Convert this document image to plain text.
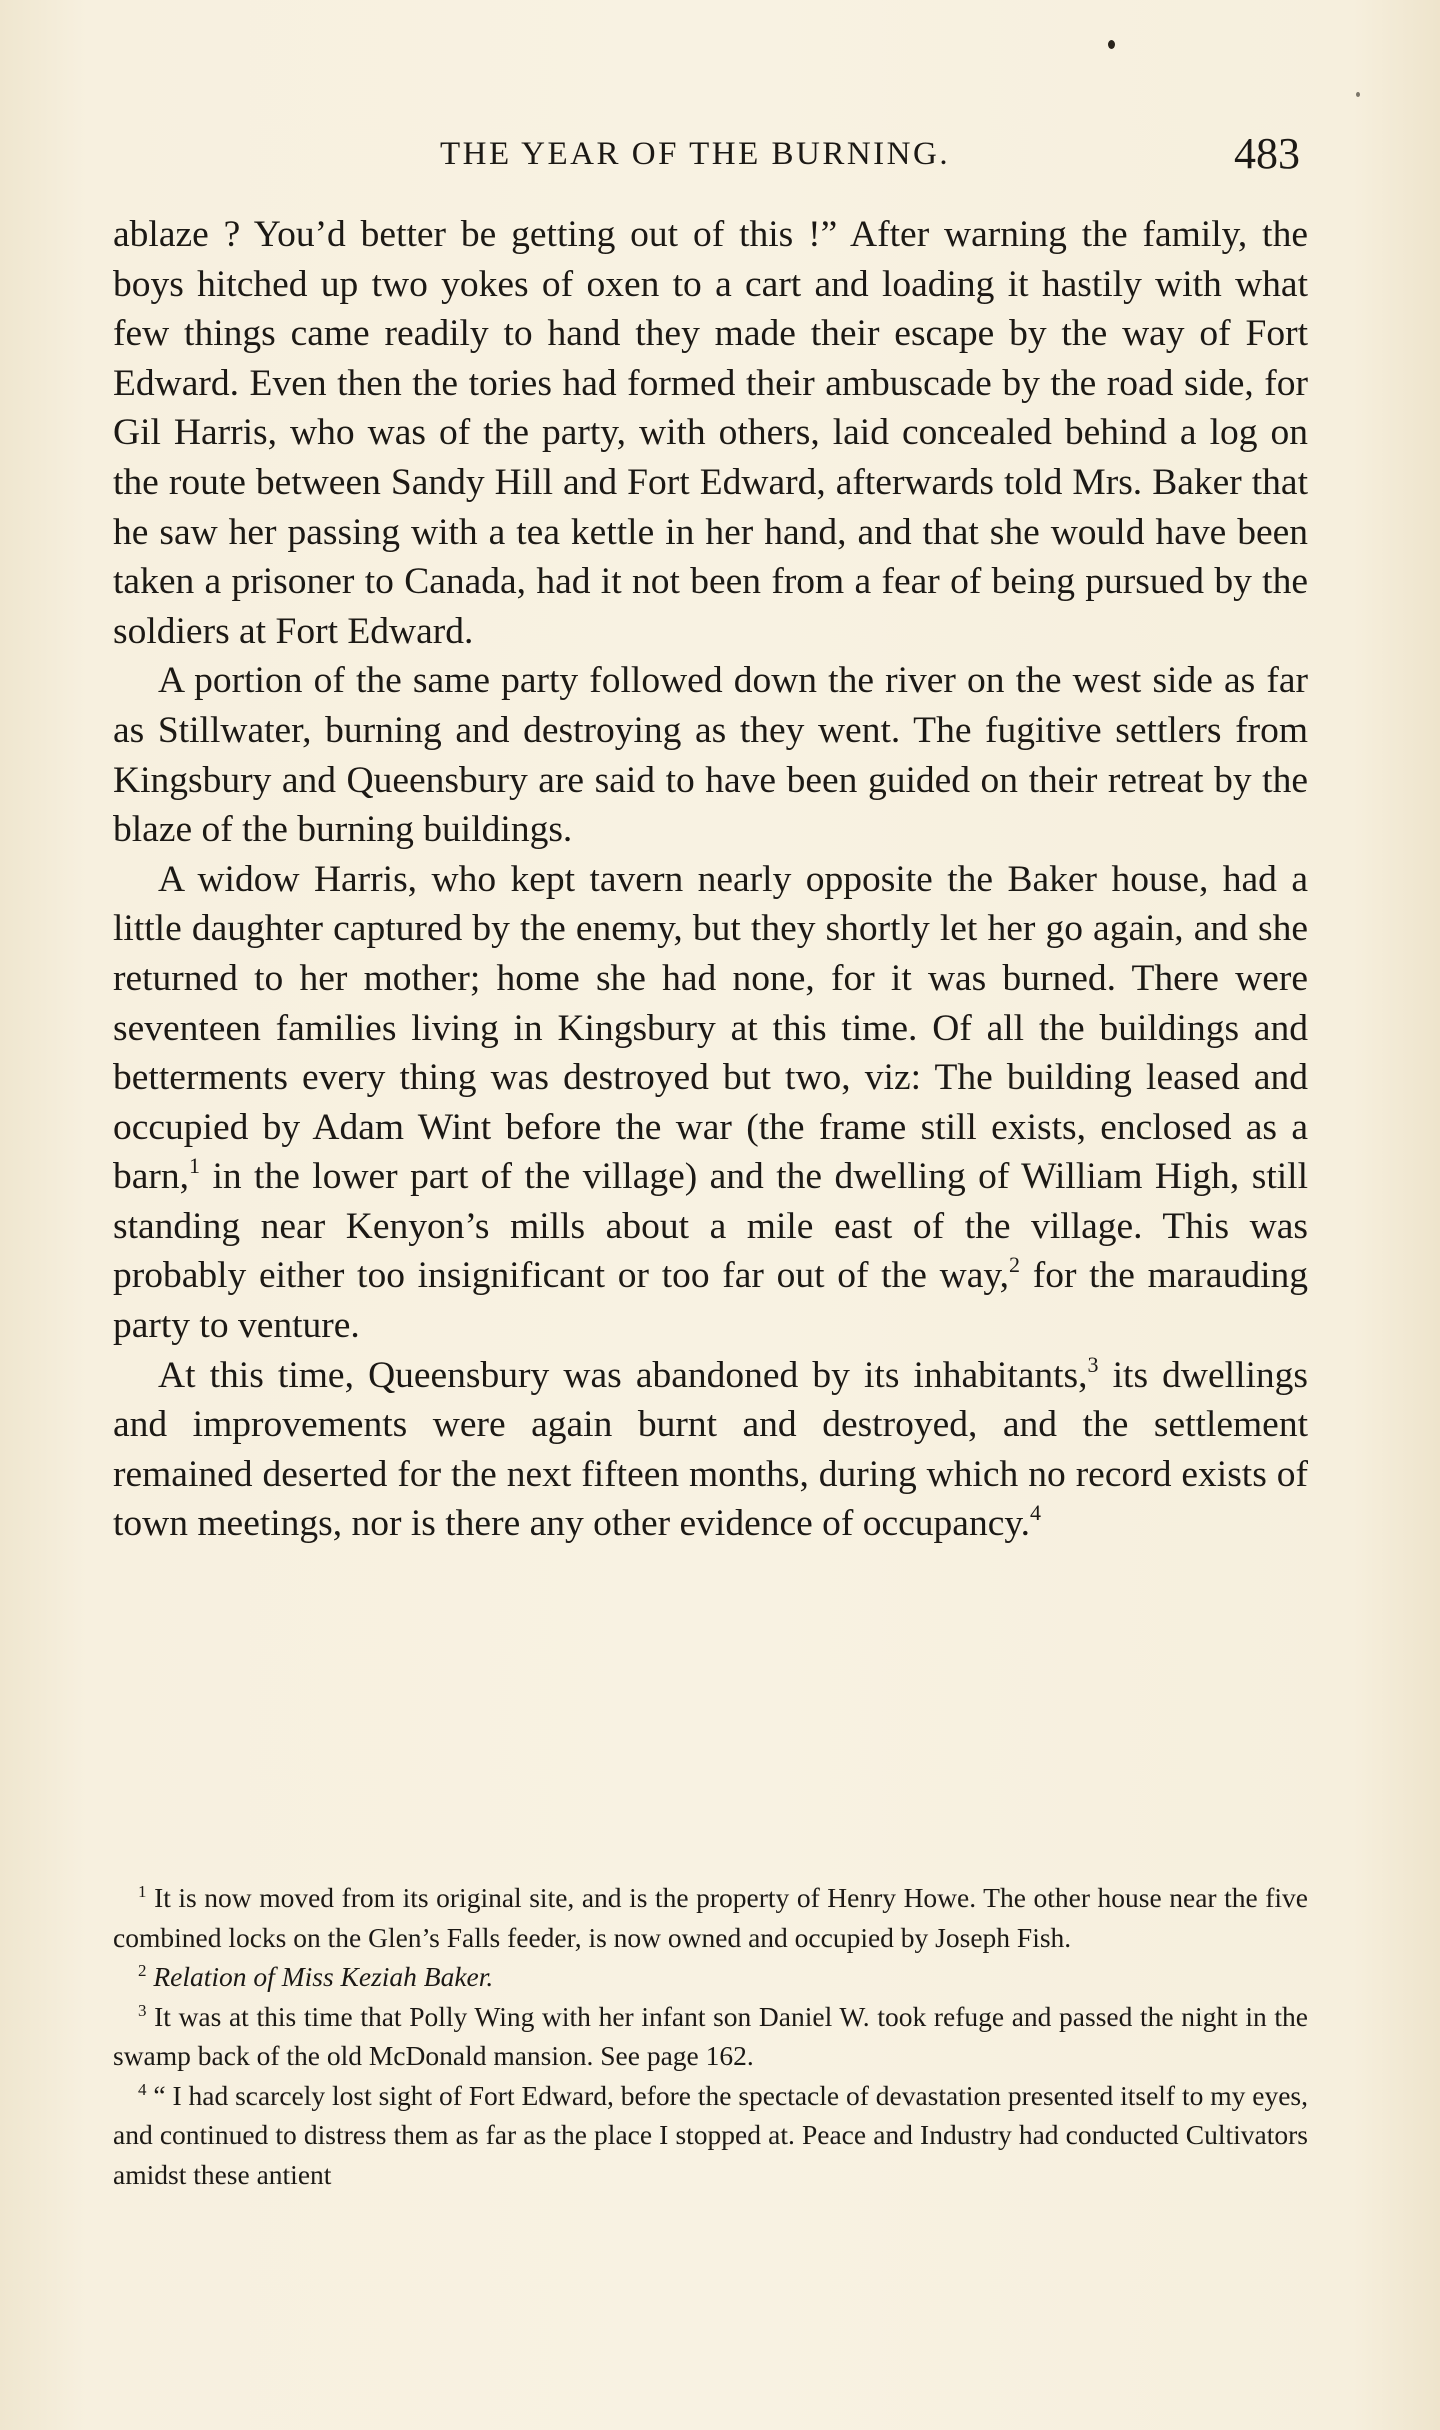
THE YEAR OF THE BURNING.	483

ablaze ? You’d better be getting out of this !” After warning the family, the boys hitched up two yokes of oxen to a cart and loading it hastily with what few things came readily to hand they made their escape by the way of Fort Edward. Even then the tories had formed their ambuscade by the road side, for Gil Harris, who was of the party, with others, laid concealed behind a log on the route between Sandy Hill and Fort Edward, afterwards told Mrs. Baker that he saw her passing with a tea kettle in her hand, and that she would have been taken a prisoner to Canada, had it not been from a fear of being pursued by the soldiers at Fort Edward.

A portion of the same party followed down the river on the west side as far as Stillwater, burning and destroying as they went. The fugitive settlers from Kingsbury and Queensbury are said to have been guided on their retreat by the blaze of the burning buildings.

A widow Harris, who kept tavern nearly opposite the Baker house, had a little daughter captured by the enemy, but they shortly let her go again, and she returned to her mother; home she had none, for it was burned. There were seventeen families living in Kingsbury at this time. Of all the buildings and betterments every thing was destroyed but two, viz: The building leased and occupied by Adam Wint before the war (the frame still exists, enclosed as a barn,$^1$ in the lower part of the village) and the dwelling of William High, still standing near Kenyon’s mills about a mile east of the village. This was probably either too insignificant or too far out of the way,$^2$ for the marauding party to venture.

At this time, Queensbury was abandoned by its inhabitants,$^3$ its dwellings and improvements were again burnt and destroyed, and the settlement remained deserted for the next fifteen months, during which no record exists of town meetings, nor is there any other evidence of occupancy.$^4$

$^1$ It is now moved from its original site, and is the property of Henry Howe. The other house near the five combined locks on the Glen’s Falls feeder, is now owned and occupied by Joseph Fish.

$^2$ Relation of Miss Keziah Baker.

$^3$ It was at this time that Polly Wing with her infant son Daniel W. took refuge and passed the night in the swamp back of the old McDonald mansion. See page 162.

$^4$ “ I had scarcely lost sight of Fort Edward, before the spectacle of devastation presented itself to my eyes, and continued to distress them as far as the place I stopped at. Peace and Industry had conducted Cultivators amidst these antient
